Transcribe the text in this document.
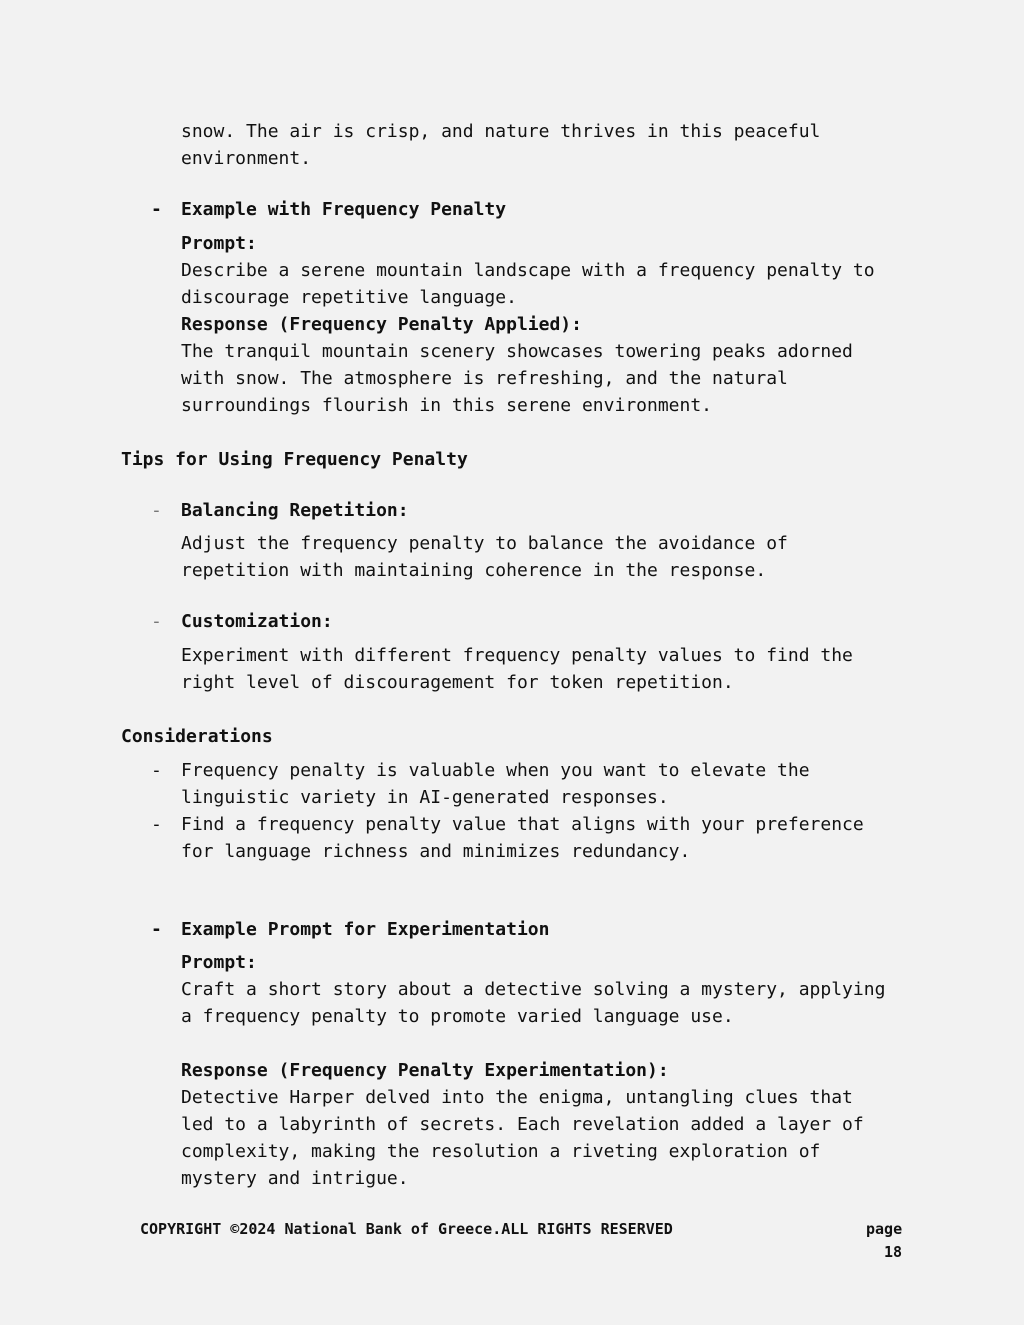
snow. The air is crisp, and nature thrives in this peaceful
environment.
- Example with Frequency Penalty
Prompt:
Describe a serene mountain landscape with a frequency penalty to
discourage repetitive language.
Response (Frequency Penalty Applied):
The tranquil mountain scenery showcases towering peaks adorned
with snow. The atmosphere is refreshing, and the natural
surroundings flourish in this serene environment.
Tips for Using Frequency Penalty
- Balancing Repetition:
Adjust the frequency penalty to balance the avoidance of
repetition with maintaining coherence in the response.
- Customization:
Experiment with different frequency penalty values to find the
right level of discouragement for token repetition.
Considerations
- Frequency penalty is valuable when you want to elevate the
linguistic variety in AI-generated responses.
- Find a frequency penalty value that aligns with your preference
for language richness and minimizes redundancy.
- Example Prompt for Experimentation
Prompt:
Craft a short story about a detective solving a mystery, applying
a frequency penalty to promote varied language use.
Response (Frequency Penalty Experimentation):
Detective Harper delved into the enigma, untangling clues that
led to a labyrinth of secrets. Each revelation added a layer of
complexity, making the resolution a riveting exploration of
mystery and intrigue.
COPYRIGHT ©2024 National Bank of Greece.ALL RIGHTS RESERVED	page
18
